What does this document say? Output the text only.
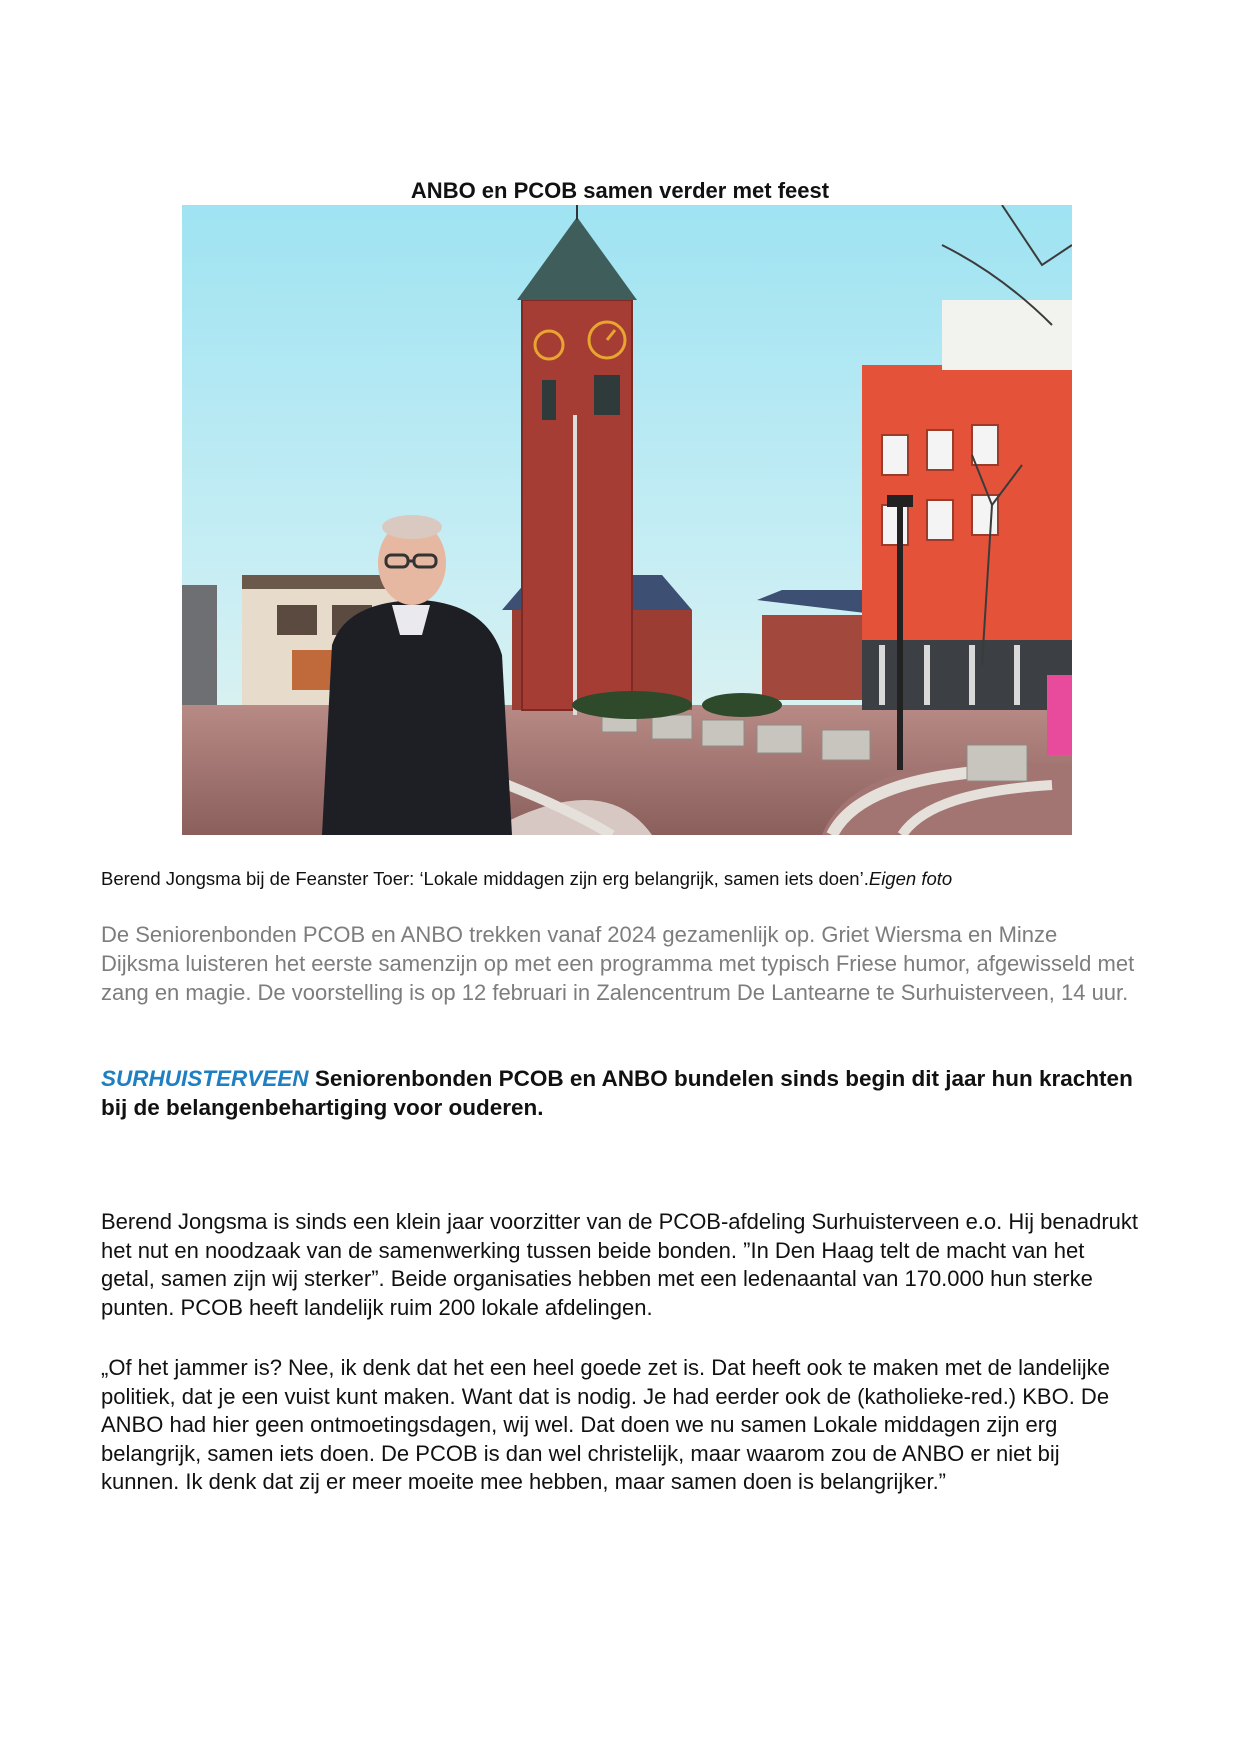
ANBO en PCOB samen verder met feest

Berend Jongsma bij de Feanster Toer: ‘Lokale middagen zijn erg belangrijk, samen iets doen’.Eigen foto

De Seniorenbonden PCOB en ANBO trekken vanaf 2024 gezamenlijk op. Griet Wiersma en Minze Dijksma luisteren het eerste samenzijn op met een programma met typisch Friese humor, afgewisseld met zang en magie. De voorstelling is op 12 februari in Zalencentrum De Lantearne te Surhuisterveen, 14 uur.

SURHUISTERVEEN Seniorenbonden PCOB en ANBO bundelen sinds begin dit jaar hun krachten bij de belangenbehartiging voor ouderen.

Berend Jongsma is sinds een klein jaar voorzitter van de PCOB-afdeling Surhuisterveen e.o. Hij benadrukt het nut en noodzaak van de samenwerking tussen beide bonden. ”In Den Haag telt de macht van het getal, samen zijn wij sterker”. Beide organisaties hebben met een ledenaantal van 170.000 hun sterke punten. PCOB heeft landelijk ruim 200 lokale afdelingen.

„Of het jammer is? Nee, ik denk dat het een heel goede zet is. Dat heeft ook te maken met de landelijke politiek, dat je een vuist kunt maken. Want dat is nodig. Je had eerder ook de (katholieke-red.) KBO. De ANBO had hier geen ontmoetingsdagen, wij wel. Dat doen we nu samen Lokale middagen zijn erg belangrijk, samen iets doen. De PCOB is dan wel christelijk, maar waarom zou de ANBO er niet bij kunnen. Ik denk dat zij er meer moeite mee hebben, maar samen doen is belangrijker.”
